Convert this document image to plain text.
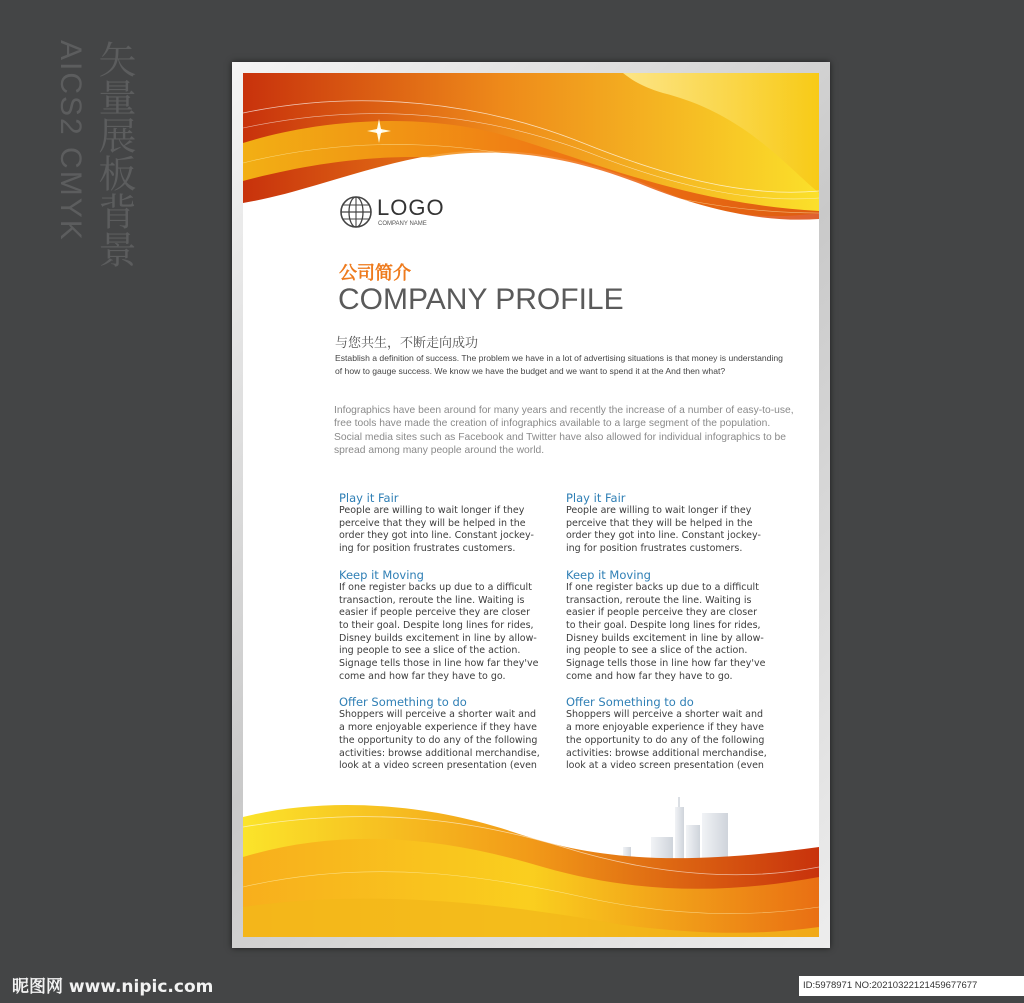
矢量展板背景
AICS2 CMYK	LOGO
COMPANY NAME
公司简介
COMPANY PROFILE
与您共生，不断走向成功
Establish a definition of success. The problem we have in a lot of advertising situations is that money is understanding of how to gauge success. We know we have the budget and we want to spend it at the And then what?
Infographics have been around for many years and recently the increase of a number of easy-to-use, free tools have made the creation of infographics available to a large segment of the population. Social media sites such as Facebook and Twitter have also allowed for individual infographics to be spread among many people around the world.

Play it Fair

People are willing to wait longer if they
perceive that they will be helped in the
order they got into line. Constant jockey-
ing for position frustrates customers.

Keep it Moving

If one register backs up due to a difficult
transaction, reroute the line. Waiting is
easier if people perceive they are closer
to their goal. Despite long lines for rides,
Disney builds excitement in line by allow-
ing people to see a slice of the action.
Signage tells those in line how far they've
come and how far they have to go.

Offer Something to do

Shoppers will perceive a shorter wait and
a more enjoyable experience if they have
the opportunity to do any of the following
activities: browse additional merchandise,
look at a video screen presentation (even

Play it Fair

People are willing to wait longer if they
perceive that they will be helped in the
order they got into line. Constant jockey-
ing for position frustrates customers.

Keep it Moving

If one register backs up due to a difficult
transaction, reroute the line. Waiting is
easier if people perceive they are closer
to their goal. Despite long lines for rides,
Disney builds excitement in line by allow-
ing people to see a slice of the action.
Signage tells those in line how far they've
come and how far they have to go.

Offer Something to do

Shoppers will perceive a shorter wait and
a more enjoyable experience if they have
the opportunity to do any of the following
activities: browse additional merchandise,
look at a video screen presentation (even

昵图网 www.nipic.com	ID:5978971 NO:20210322121459677677
